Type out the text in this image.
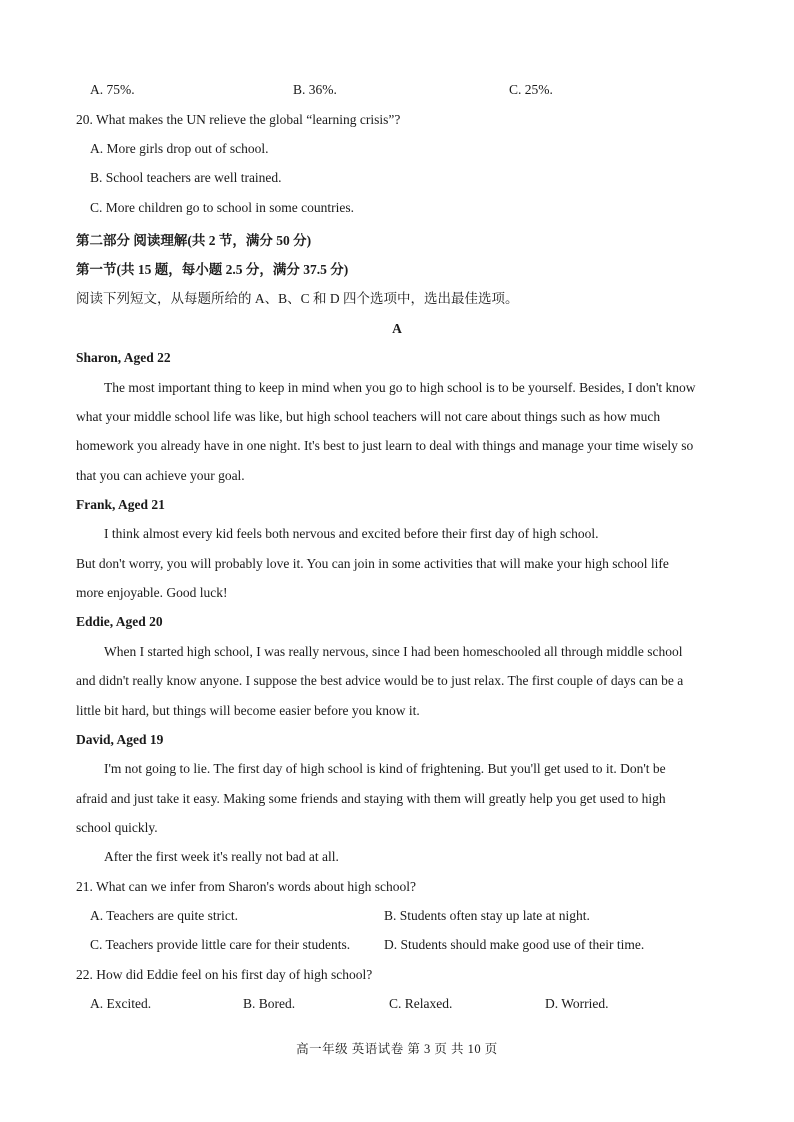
A. 75%.	B. 36%.	C. 25%.
20. What makes the UN relieve the global “learning crisis”?
A. More girls drop out of school.
B. School teachers are well trained.
C. More children go to school in some countries.
第二部分 阅读理解(共 2 节，满分 50 分)
第一节(共 15 题，每小题 2.5 分，满分 37.5 分)
阅读下列短文，从每题所给的 A、B、C 和 D 四个选项中，选出最佳选项。
A
Sharon, Aged 22
The most important thing to keep in mind when you go to high school is to be yourself. Besides, I don't know
what your middle school life was like, but high school teachers will not care about things such as how much
homework you already have in one night. It's best to just learn to deal with things and manage your time wisely so
that you can achieve your goal.
Frank, Aged 21
I think almost every kid feels both nervous and excited before their first day of high school.
But don't worry, you will probably love it. You can join in some activities that will make your high school life
more enjoyable. Good luck!
Eddie, Aged 20
When I started high school, I was really nervous, since I had been homeschooled all through middle school
and didn't really know anyone. I suppose the best advice would be to just relax. The first couple of days can be a
little bit hard, but things will become easier before you know it.
David, Aged 19
I'm not going to lie. The first day of high school is kind of frightening. But you'll get used to it. Don't be
afraid and just take it easy. Making some friends and staying with them will greatly help you get used to high
school quickly.
After the first week it's really not bad at all.
21. What can we infer from Sharon's words about high school?
A. Teachers are quite strict.	B. Students often stay up late at night.
C. Teachers provide little care for their students.	D. Students should make good use of their time.
22. How did Eddie feel on his first day of high school?
A. Excited.	B. Bored.	C. Relaxed.	D. Worried.
高一年级 英语试卷 第 3 页 共 10 页
